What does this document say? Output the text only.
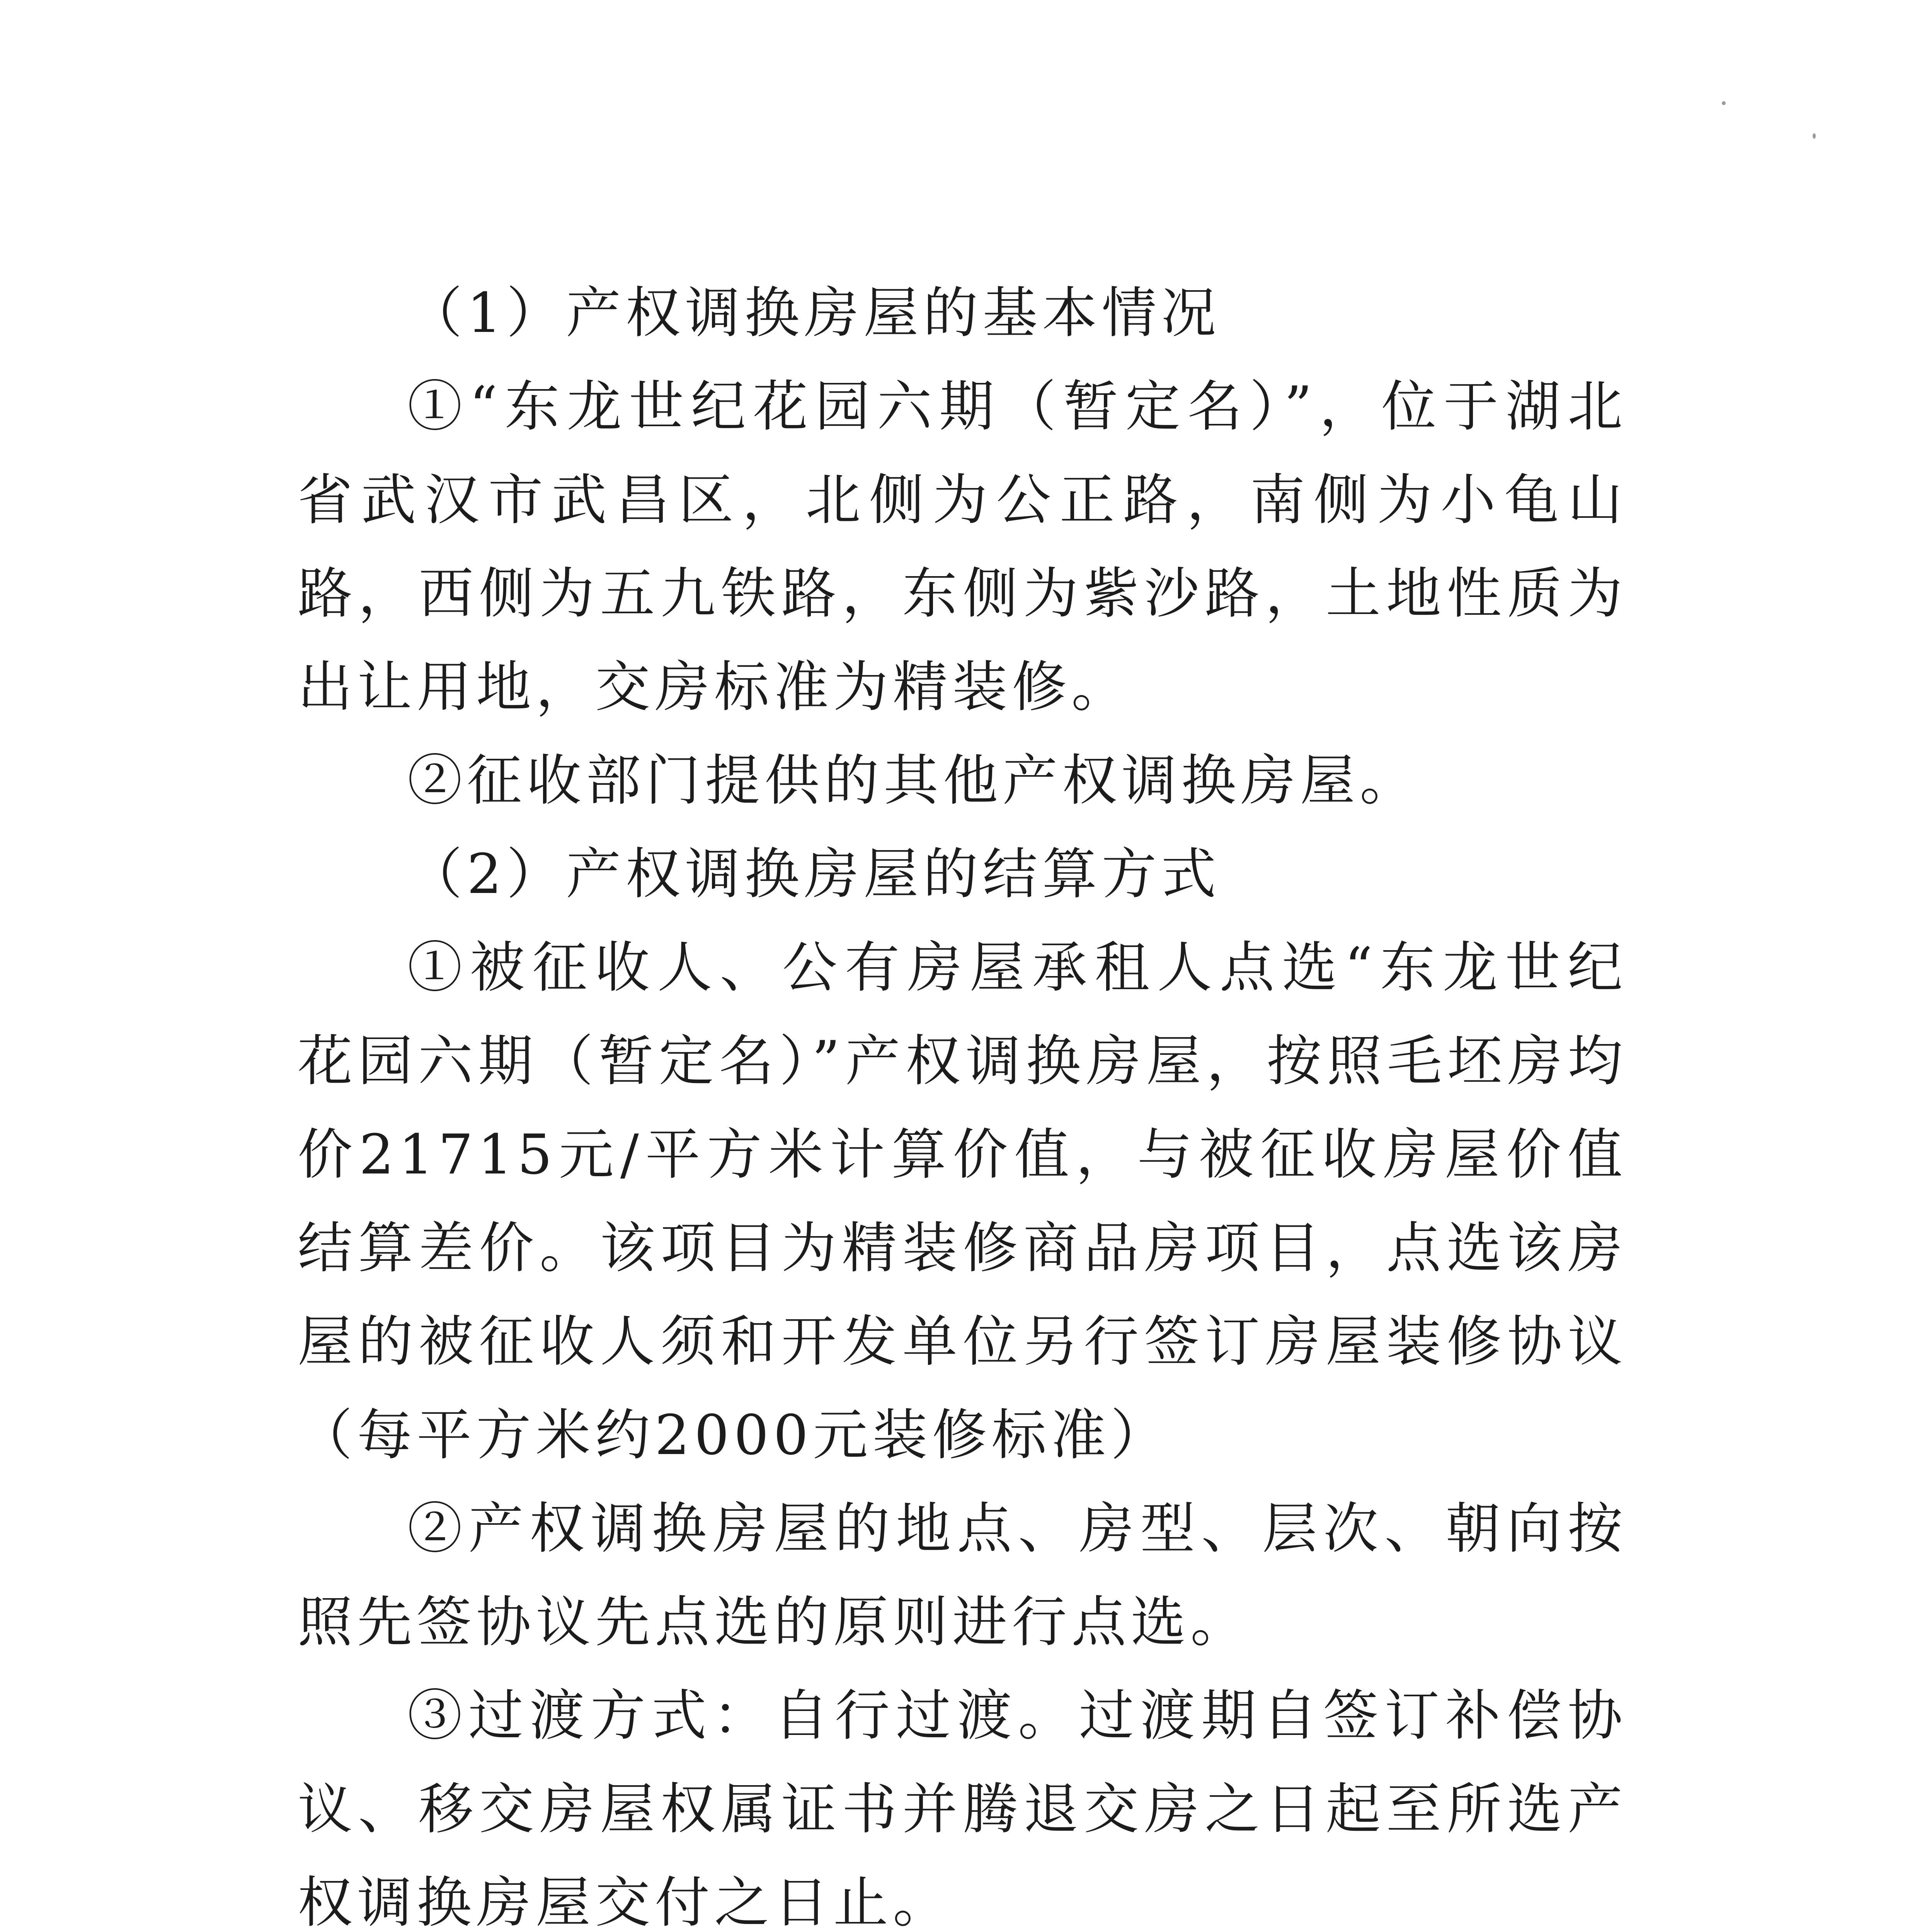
（1）产权调换房屋的基本情况

①“东龙世纪花园六期（暂定名）”，位于湖北省武汉市武昌区，北侧为公正路，南侧为小龟山路，西侧为五九铁路，东侧为紫沙路，土地性质为出让用地，交房标准为精装修。

②征收部门提供的其他产权调换房屋。

（2）产权调换房屋的结算方式

①被征收人、公有房屋承租人点选“东龙世纪花园六期（暂定名）”产权调换房屋，按照毛坯房均价21715元/平方米计算价值，与被征收房屋价值结算差价。该项目为精装修商品房项目，点选该房屋的被征收人须和开发单位另行签订房屋装修协议（每平方米约2000元装修标准）

②产权调换房屋的地点、房型、层次、朝向按照先签协议先点选的原则进行点选。

③过渡方式：自行过渡。过渡期自签订补偿协议、移交房屋权属证书并腾退交房之日起至所选产权调换房屋交付之日止。
